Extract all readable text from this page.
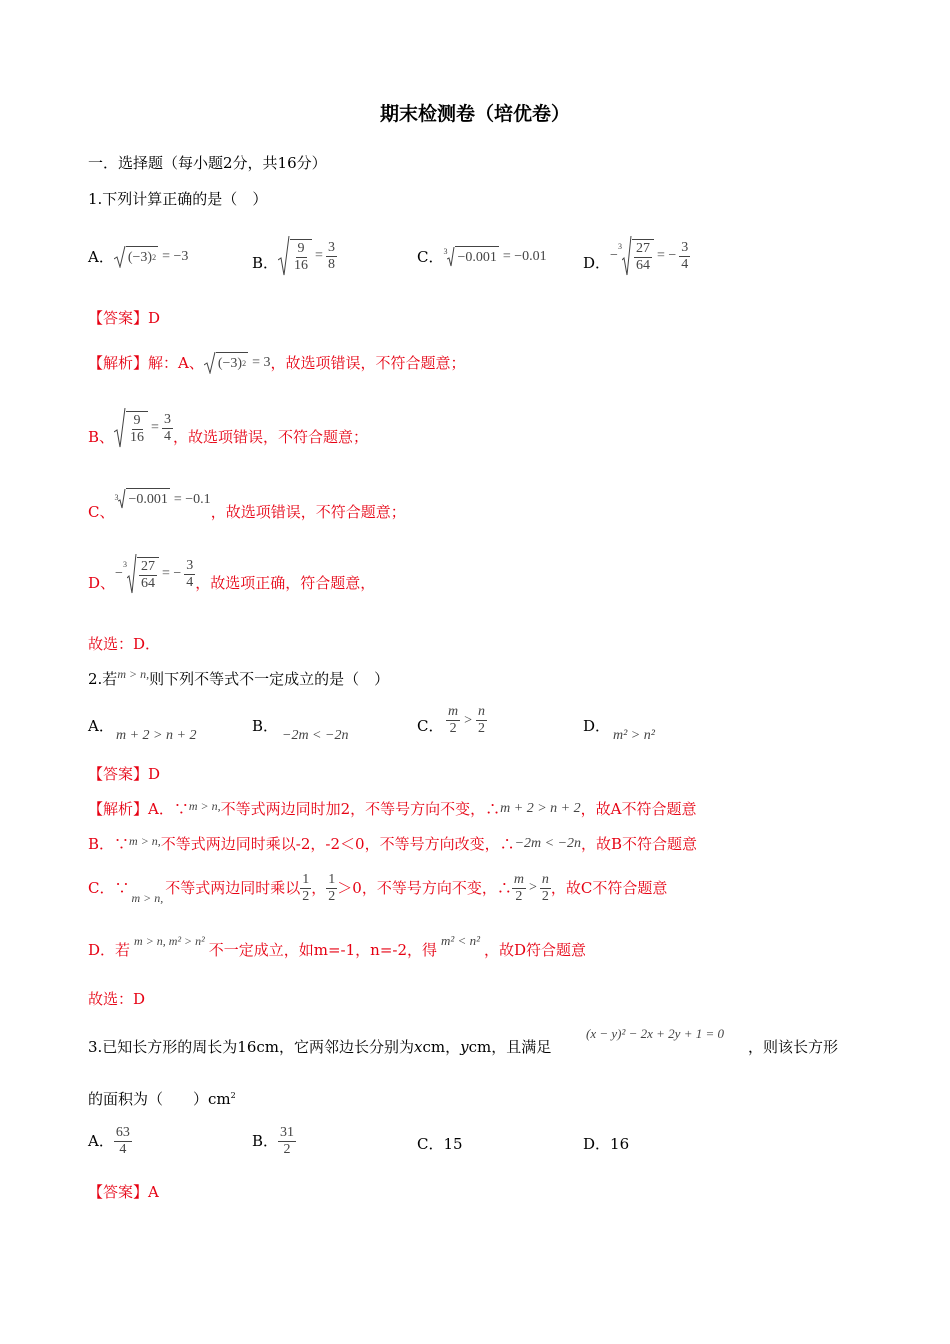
期末检测卷（培优卷）
一．选择题（每小题2分，共16分）
1.下列计算正确的是（　）
A． (−3) 2 = −3	B． $\frac{9}{16} = \frac{3}{8}$	C． 3 −0.001 = −0.01 D． −
$3 \frac{27}{64}$ = − $\frac{3}{4}$
【答案】D
【解析】解：A、 (−3) 2 = 3 ，故选项错误，不符合题意；
B、 $\frac{9}{16} = \frac{3}{4}$ ，故选项错误，不符合题意；
C、
3 −0.001 = −0.1
，故选项错误，不符合题意；
D、
−
$3 \frac{27}{64}$ = − $\frac{3}{4}$ ，故选项正确，符合题意，
故选：D．
2.若$^{m > n,}$则下列不等式不一定成立的是（　）
A．
m + 2 > n + 2
B．
−2m < −2n
C． $\frac{m}{2} > \frac{n}{2}$	D．
m² > n²
【答案】D
【解析】A．∵$^{m > n,}$不等式两边同时加2，不等号方向不变，∴m + 2 > n + 2，故A不符合题意
B．∵$^{m > n,}$不等式两边同时乘以-2，-2＜0，不等号方向改变，∴−2m < −2n，故B不符合题意
C．∵
m > n,
不等式两边同时乘以 $\frac{1}{2}$ ， $\frac{1}{2} >0$，不等号方向不变，∴ $\frac{m}{2} > \frac{n}{2}$ ，故C不符合题意
D．若 $^{m > n, m^2 > n^2}$ 不一定成立，如m=-1，n=-2，得m² < n²，故D符合题意
故选：D
3.已知长方形的周长为16cm，它两邻边长分别为xcm，ycm，且满足
(x − y)² − 2x + 2y + 1 = 0
，则该长方形
的面积为（　　）$cm^2$
A． $\frac{63}{4}$	B． $\frac{31}{2}$	C．15	D．16
【答案】A
